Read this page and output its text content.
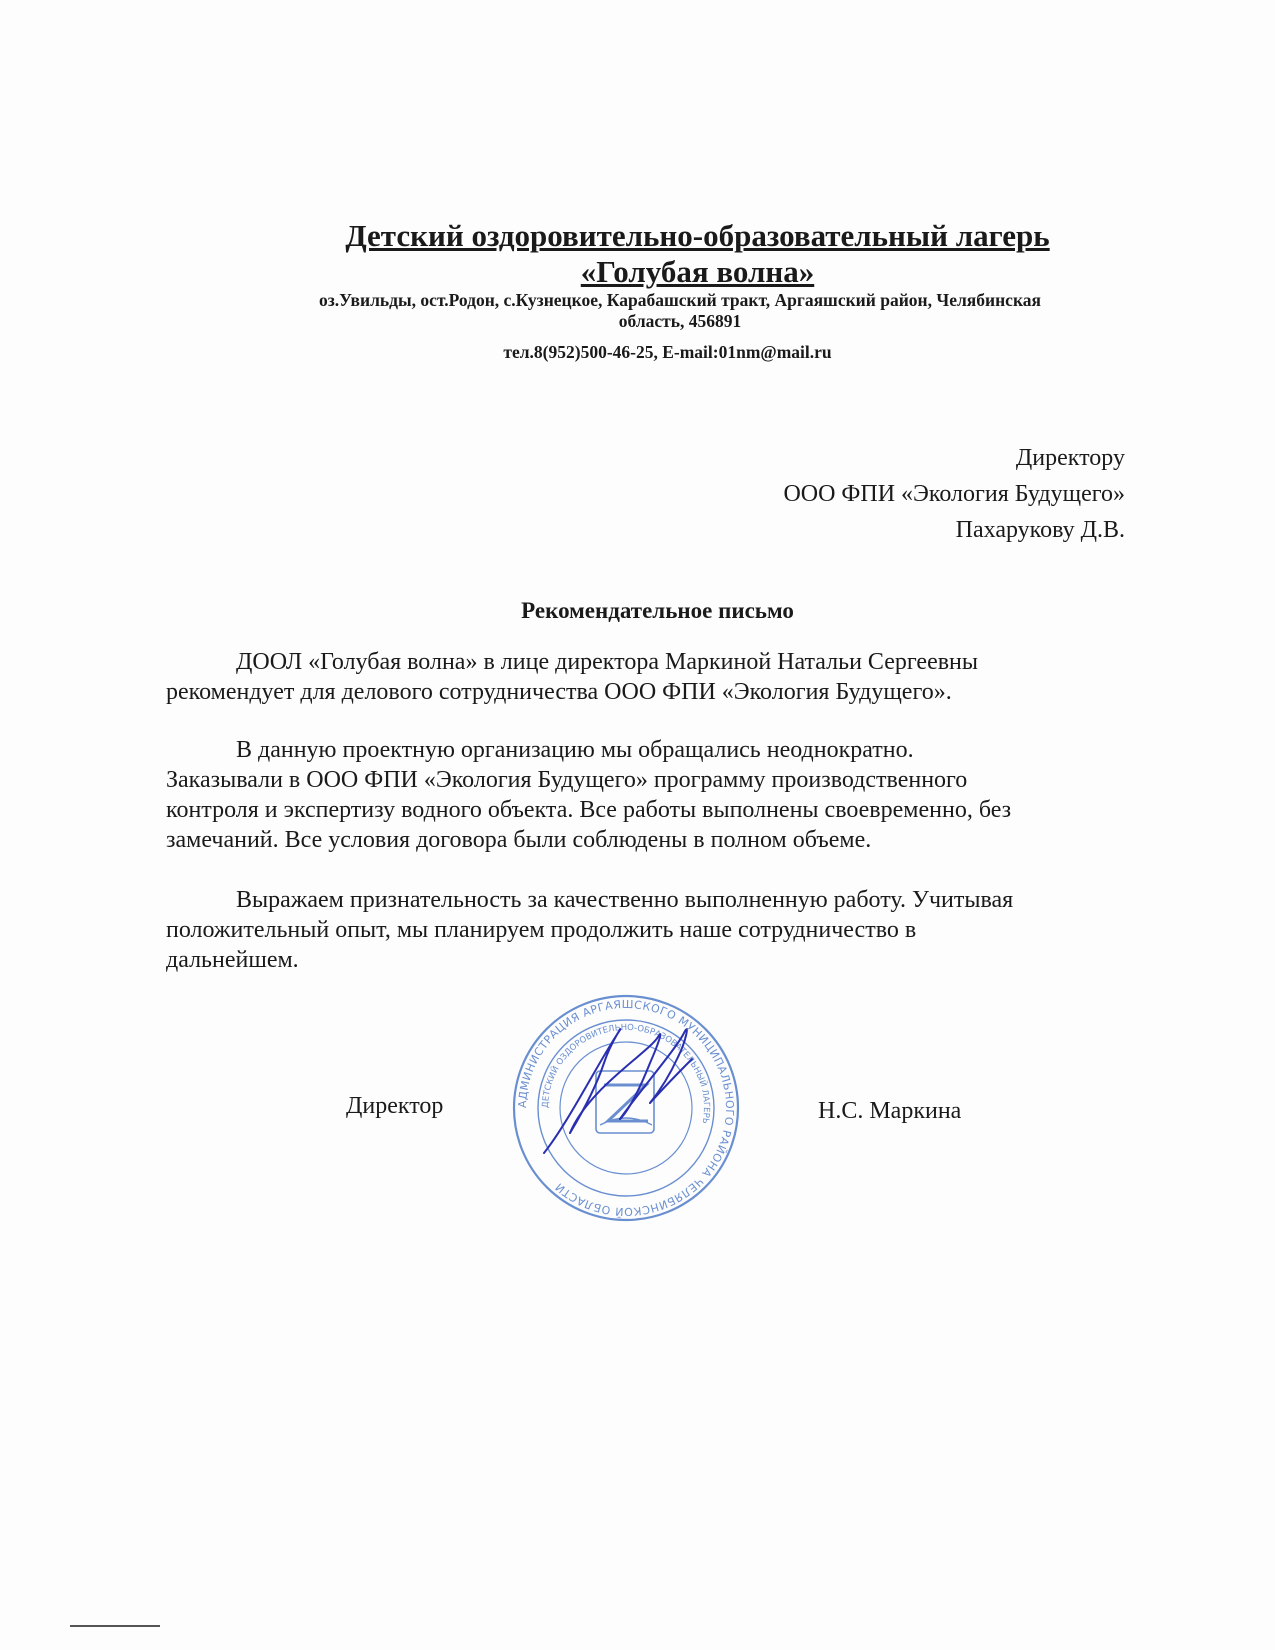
Детский оздоровительно-образовательный лагерь
«Голубая волна»
оз.Увильды, ост.Родон, с.Кузнецкое, Карабашский тракт, Аргаяшский район, Челябинская
область, 456891
тел.8(952)500-46-25, E-mail:01nm@mail.ru
Директору
ООО ФПИ «Экология Будущего»
Пахарукову Д.В.
Рекомендательное письмо
ДООЛ «Голубая волна» в лице директора Маркиной Натальи Сергеевны
рекомендует для делового сотрудничества ООО ФПИ «Экология Будущего».
В данную проектную организацию мы обращались неоднократно.
Заказывали в ООО ФПИ «Экология Будущего» программу производственного
контроля и экспертизу водного объекта. Все работы выполнены своевременно, без
замечаний. Все условия договора были соблюдены в полном объеме.
Выражаем признательность за качественно выполненную работу. Учитывая
положительный опыт, мы планируем продолжить наше сотрудничество в
дальнейшем.
Директор	Н.С. Маркина
АДМИНИСТРАЦИЯ АРГАЯШСКОГО МУНИЦИПАЛЬНОГО РАЙОНА ЧЕЛЯБИНСКОЙ ОБЛАСТИ
ДЕТСКИЙ ОЗДОРОВИТЕЛЬНО-ОБРАЗОВАТЕЛЬНЫЙ ЛАГЕРЬ
